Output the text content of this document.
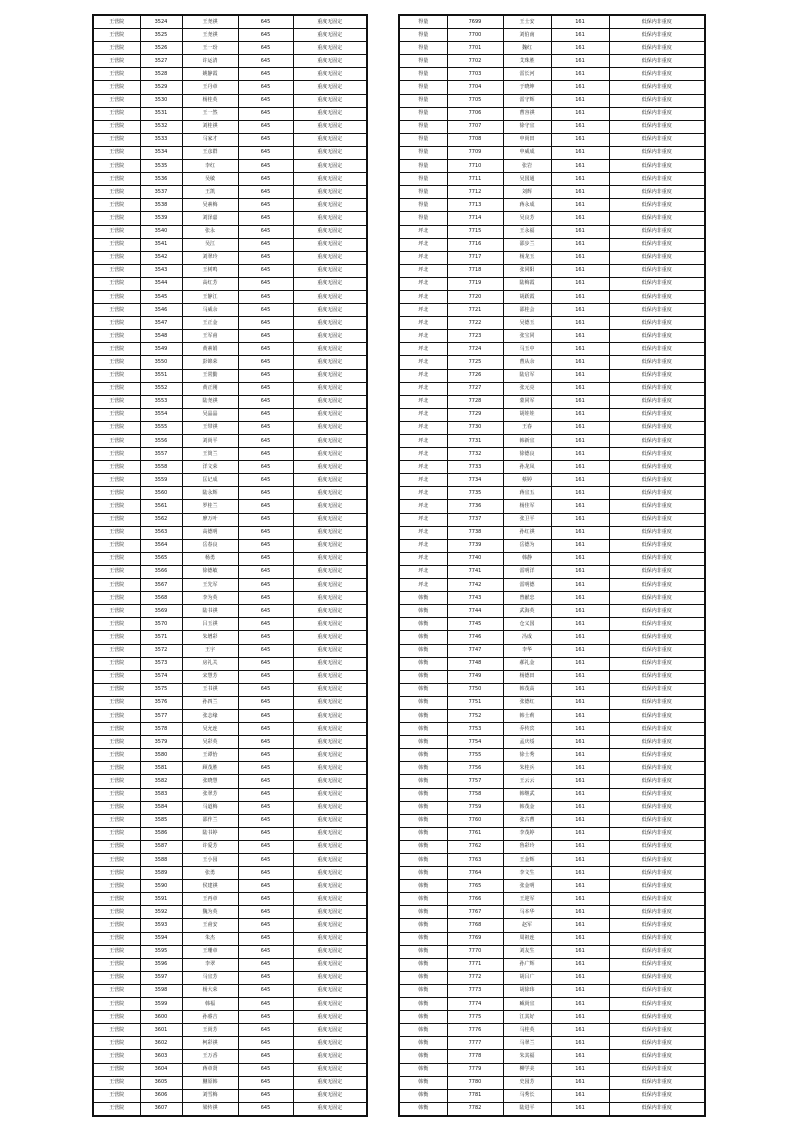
王营院	3524	王尧祺	645	重度无固定
王营院	3525	王尧祺	645	重度无固定
王营院	3526	王一玢	645	重度无固定
王营院	3527	许运清	645	重度无固定
王营院	3528	姚静霞	645	重度无固定
王营院	3529	王丹章	645	重度无固定
王营院	3530	杨桂英	645	重度无固定
王营院	3531	王一然	645	重度无固定
王营院	3532	刘桂祺	645	重度无固定
王营院	3533	马家才	645	重度无固定
王营院	3534	王彦群	645	重度无固定
王营院	3535	李红	645	重度无固定
王营院	3536	吴敏	645	重度无固定
王营院	3537	王凯	645	重度无固定
王营院	3538	吴素梅	645	重度无固定
王营院	3539	刘泽嘉	645	重度无固定
王营院	3540	张永	645	重度无固定
王营院	3541	吴江	645	重度无固定
王营院	3542	刘翠玲	645	重度无固定
王营院	3543	王树鸣	645	重度无固定
王营院	3544	高红芳	645	重度无固定
王营院	3545	王静江	645	重度无固定
王营院	3546	马威余	645	重度无固定
王营院	3547	王正金	645	重度无固定
王营院	3548	王军甫	645	重度无固定
王营院	3549	黄素娟	645	重度无固定
王营院	3550	彭锦荣	645	重度无固定
王营院	3551	王常勤	645	重度无固定
王营院	3552	黄正刚	645	重度无固定
王营院	3553	陆尧祺	645	重度无固定
王营院	3554	吴晶晶	645	重度无固定
王营院	3555	王带祺	645	重度无固定
王营院	3556	刘尚平	645	重度无固定
王营院	3557	王筒兰	645	重度无固定
王营院	3558	洋文荣	645	重度无固定
王营院	3559	匡记成	645	重度无固定
王营院	3560	陆永辉	645	重度无固定
王营院	3561	罗桂兰	645	重度无固定
王营院	3562	廖万叶	645	重度无固定
王营院	3563	高德明	645	重度无固定
王营院	3564	岳春良	645	重度无固定
王营院	3565	杨勇	645	重度无固定
王营院	3566	徐德敏	645	重度无固定
王营院	3567	王先军	645	重度无固定
王营院	3568	李为英	645	重度无固定
王营院	3569	陆书祺	645	重度无固定
王营院	3570	吕玉祺	645	重度无固定
王营院	3571	朱增彩	645	重度无固定
王营院	3572	王宇	645	重度无固定
王营院	3573	房礼关	645	重度无固定
王营院	3574	宋慧芳	645	重度无固定
王营院	3575	王书祺	645	重度无固定
王营院	3576	孙四兰	645	重度无固定
王营院	3577	张志缘	645	重度无固定
王营院	3578	吴允连	645	重度无固定
王营院	3579	吴彩英	645	重度无固定
王营院	3580	王谭怡	645	重度无固定
王营院	3581	顾茂胜	645	重度无固定
王营院	3582	张晓慧	645	重度无固定
王营院	3583	张翠芳	645	重度无固定
王营院	3584	马道梅	645	重度无固定
王营院	3585	邵作兰	645	重度无固定
王营院	3586	陆书婷	645	重度无固定
王营院	3587	许爱芳	645	重度无固定
王营院	3588	王小园	645	重度无固定
王营院	3589	张勇	645	重度无固定
王营院	3590	侯建祺	645	重度无固定
王营院	3591	王再章	645	重度无固定
王营院	3592	魏为英	645	重度无固定
王营院	3593	王甫安	645	重度无固定
王营院	3594	朱杰	645	重度无固定
王营院	3595	王珊章	645	重度无固定
王营院	3596	李翠	645	重度无固定
王营院	3597	马宜芳	645	重度无固定
王营院	3598	杨大荣	645	重度无固定
王营院	3599	韩福	645	重度无固定
王营院	3600	孙睿吉	645	重度无固定
王营院	3601	王尚芳	645	重度无固定
王营院	3602	柯彩祺	645	重度无固定
王营院	3603	王万香	645	重度无固定
王营院	3604	蒋章贤	645	重度无固定
王营院	3605	蒯原韩	645	重度无固定
王营院	3606	刘雪梅	645	重度无固定
王营院	3607	梁传祺	645	重度无固定
得量	7699	王士安	161	低保内非重度
得量	7700	刘伯南	161	低保内非重度
得量	7701	魏红	161	低保内非重度
得量	7702	艾珠胜	161	低保内非重度
得量	7703	雷长河	161	低保内非重度
得量	7704	于晓坤	161	低保内非重度
得量	7705	雷守辉	161	低保内非重度
得量	7706	曹容祺	161	低保内非重度
得量	7707	徐守宜	161	低保内非重度
得量	7708	申尚田	161	低保内非重度
得量	7709	申威成	161	低保内非重度
得量	7710	张岩	161	低保内非重度
得量	7711	吴国通	161	低保内非重度
得量	7712	刘辉	161	低保内非重度
得量	7713	蒋永成	161	低保内非重度
得量	7714	吴良芳	161	低保内非重度
坪北	7715	王永福	161	低保内非重度
坪北	7716	邵步兰	161	低保内非重度
坪北	7717	杨龙玉	161	低保内非重度
坪北	7718	张同阳	161	低保内非重度
坪北	7719	陆梅霞	161	低保内非重度
坪北	7720	胡跃霞	161	低保内非重度
坪北	7721	邵桂会	161	低保内非重度
坪北	7722	吴德玉	161	低保内非重度
坪北	7723	张宝同	161	低保内非重度
坪北	7724	马玉中	161	低保内非重度
坪北	7725	曹从余	161	低保内非重度
坪北	7726	陆启军	161	低保内非重度
坪北	7727	张元亮	161	低保内非重度
坪北	7728	蒙同军	161	低保内非重度
坪北	7729	胡娃娃	161	低保内非重度
坪北	7730	王春	161	低保内非重度
坪北	7731	韩新宜	161	低保内非重度
坪北	7732	徐德良	161	低保内非重度
坪北	7733	孙龙凤	161	低保内非重度
坪北	7734	蔡婷	161	低保内非重度
坪北	7735	蒋宜五	161	低保内非重度
坪北	7736	杨佳军	161	低保内非重度
坪北	7737	张卫平	161	低保内非重度
坪北	7738	孙红祺	161	低保内非重度
坪北	7739	岳德为	161	低保内非重度
坪北	7740	韩静	161	低保内非重度
坪北	7741	雷明洋	161	低保内非重度
坪北	7742	雷明德	161	低保内非重度
韩衡	7743	曾献忠	161	低保内非重度
韩衡	7744	武海英	161	低保内非重度
韩衡	7745	仓义国	161	低保内非重度
韩衡	7746	冯成	161	低保内非重度
韩衡	7747	李华	161	低保内非重度
韩衡	7748	郝礼金	161	低保内非重度
韩衡	7749	杨德田	161	低保内非重度
韩衡	7750	韩茂高	161	低保内非重度
韩衡	7751	张德红	161	低保内非重度
韩衡	7752	韩士莉	161	低保内非重度
韩衡	7753	乔传宾	161	低保内非重度
韩衡	7754	孟庆绥	161	低保内非重度
韩衡	7755	徐士秀	161	低保内非重度
韩衡	7756	朱桂兵	161	低保内非重度
韩衡	7757	王云云	161	低保内非重度
韩衡	7758	韩继武	161	低保内非重度
韩衡	7759	韩茂金	161	低保内非重度
韩衡	7760	张古曹	161	低保内非重度
韩衡	7761	李茂婷	161	低保内非重度
韩衡	7762	鲁彩玲	161	低保内非重度
韩衡	7763	王金辉	161	低保内非重度
韩衡	7764	李文生	161	低保内非重度
韩衡	7765	张金明	161	低保内非重度
韩衡	7766	王迎军	161	低保内非重度
韩衡	7767	马本华	161	低保内非重度
韩衡	7768	赵军	161	低保内非重度
韩衡	7769	周祖连	161	低保内非重度
韩衡	7770	刘友生	161	低保内非重度
韩衡	7771	孙广辉	161	低保内非重度
韩衡	7772	胡吕广	161	低保内非重度
韩衡	7773	胡徐玮	161	低保内非重度
韩衡	7774	臧尚宜	161	低保内非重度
韩衡	7775	江其好	161	低保内非重度
韩衡	7776	马桂英	161	低保内非重度
韩衡	7777	马翠兰	161	低保内非重度
韩衡	7778	朱其福	161	低保内非重度
韩衡	7779	柳学美	161	低保内非重度
韩衡	7780	史园芳	161	低保内非重度
韩衡	7781	马秀长	161	低保内非重度
韩衡	7782	陆进平	161	低保内非重度
